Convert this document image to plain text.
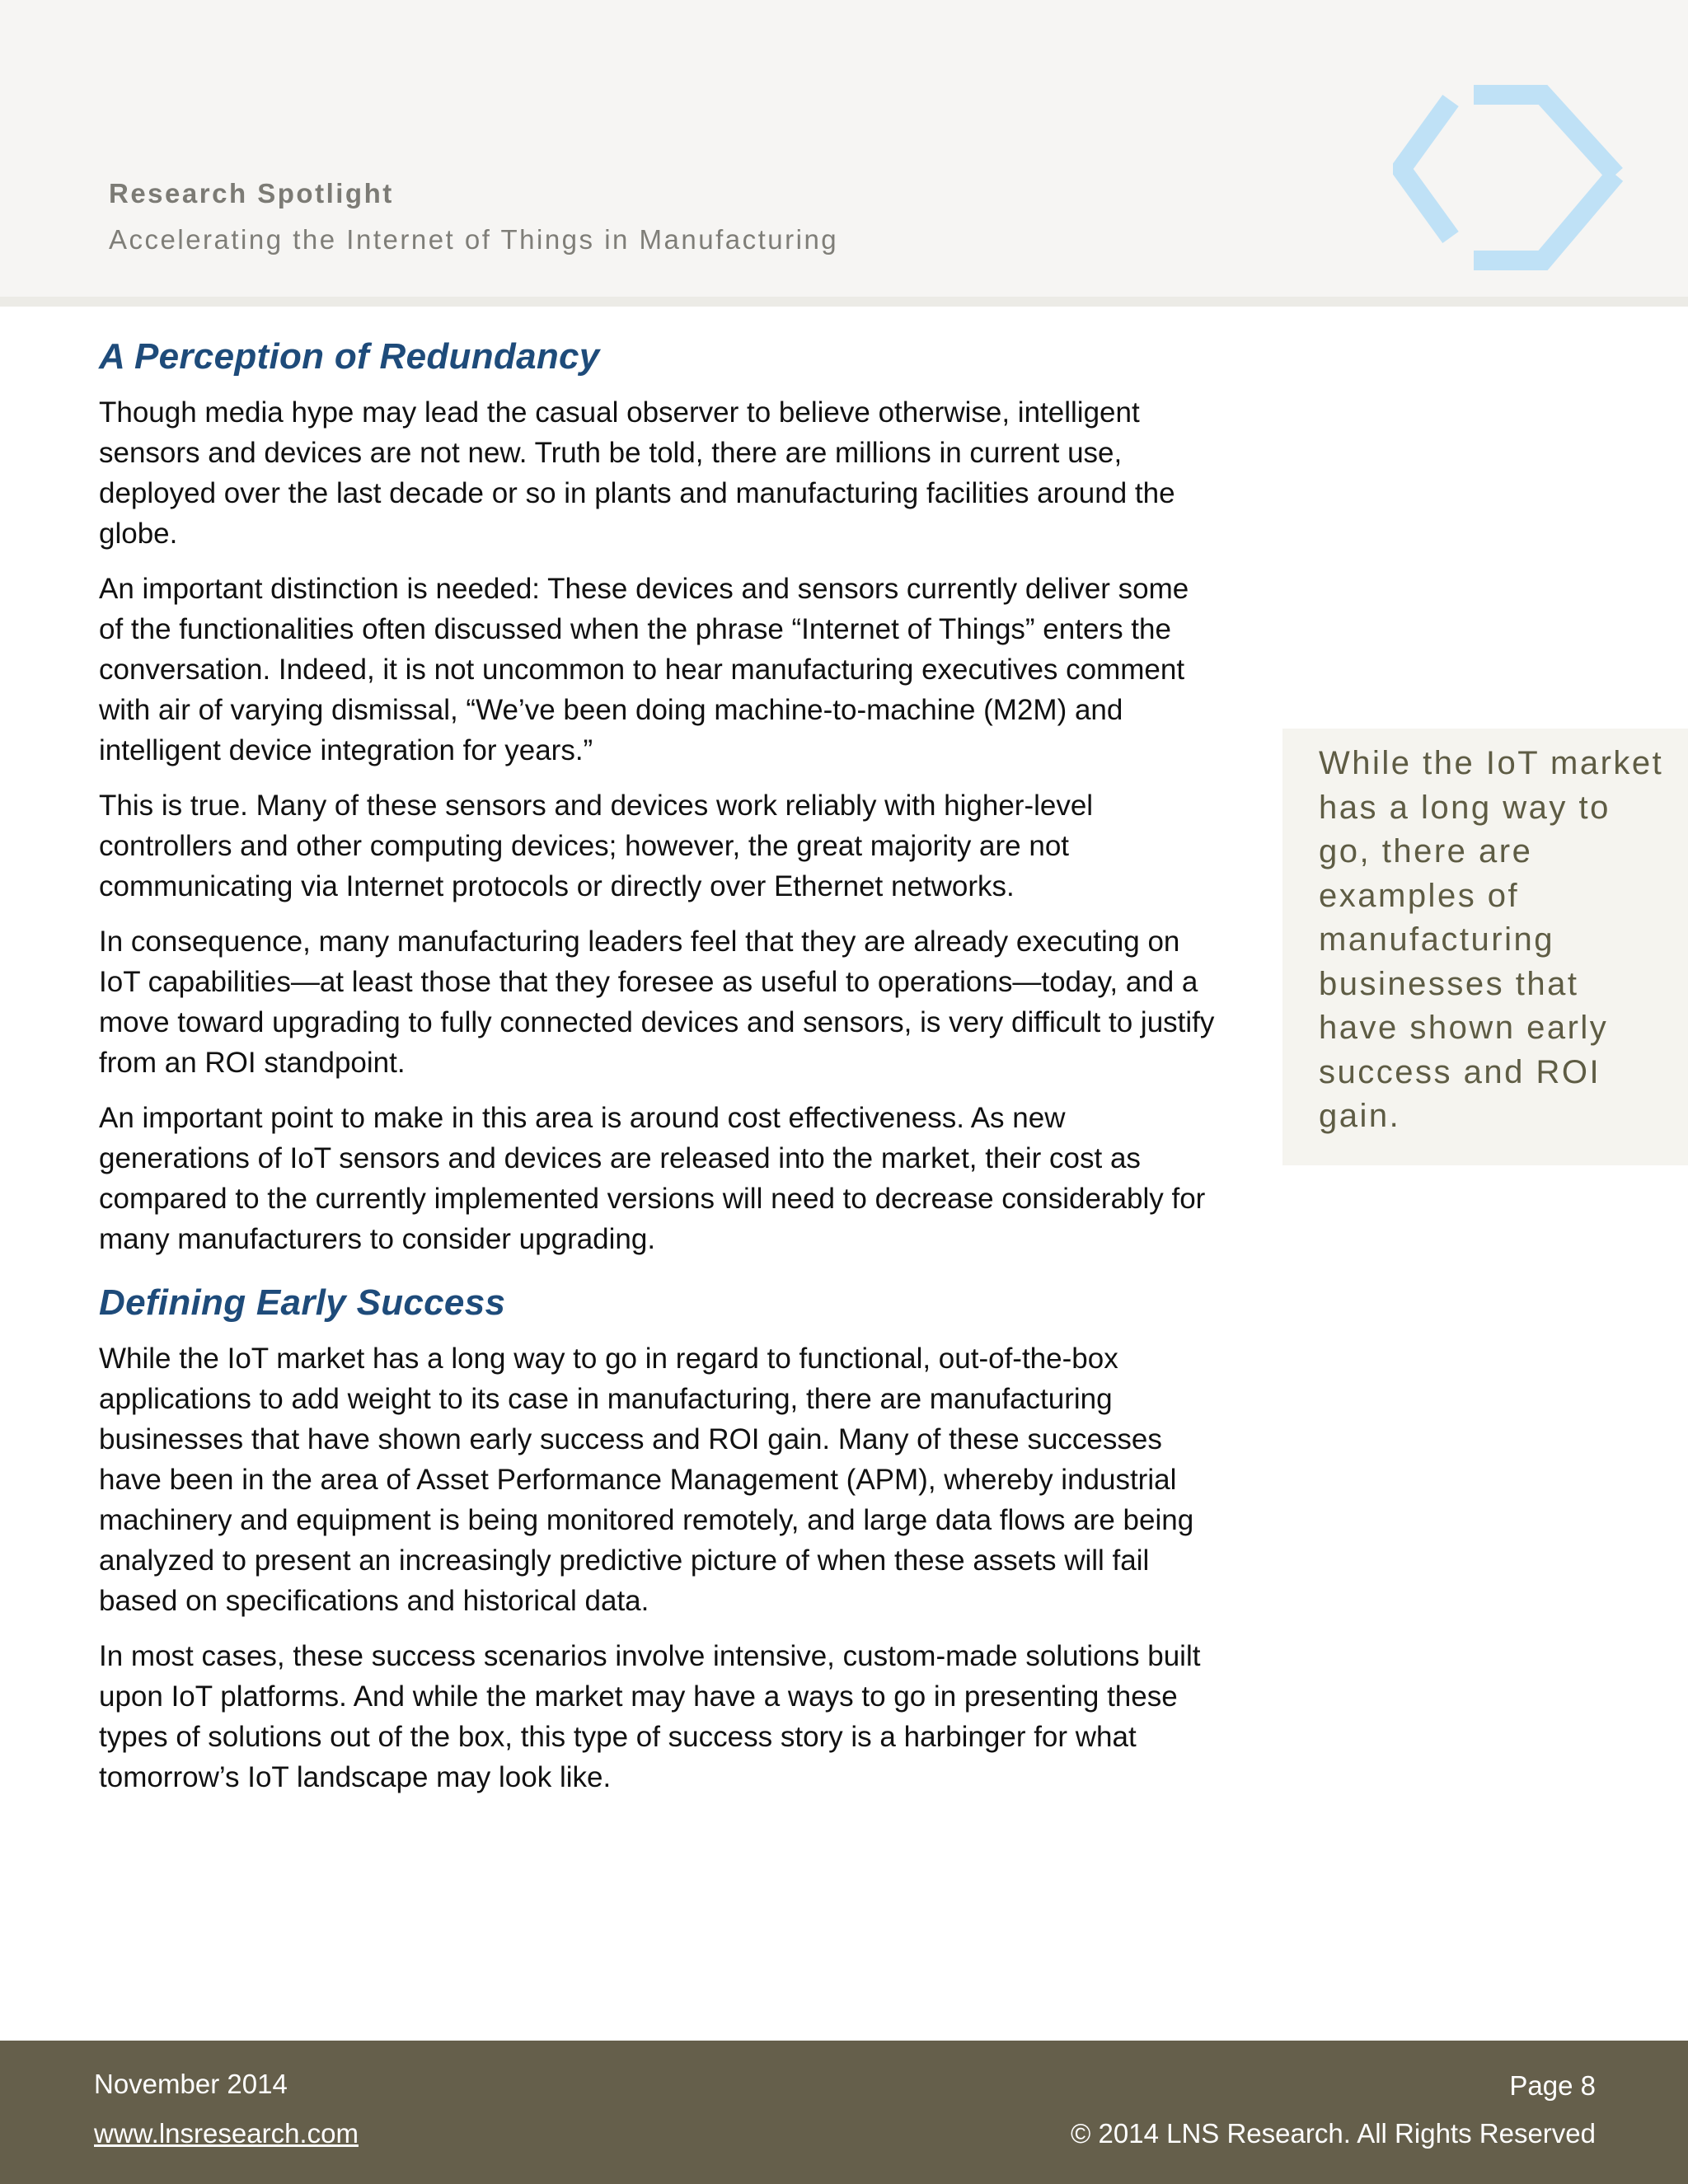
Research Spotlight
Accelerating the Internet of Things in Manufacturing
A Perception of Redundancy

Though media hype may lead the casual observer to believe otherwise, intelligent sensors and devices are not new. Truth be told, there are millions in current use, deployed over the last decade or so in plants and manufacturing facilities around the globe.

An important distinction is needed: These devices and sensors currently deliver some of the functionalities often discussed when the phrase “Internet of Things” enters the conversation. Indeed, it is not uncommon to hear manufacturing executives comment with air of varying dismissal, “We’ve been doing machine-to-machine (M2M) and intelligent device integration for years.”

This is true. Many of these sensors and devices work reliably with higher-level controllers and other computing devices; however, the great majority are not communicating via Internet protocols or directly over Ethernet networks.

In consequence, many manufacturing leaders feel that they are already executing on IoT capabilities—at least those that they foresee as useful to operations—today, and a move toward upgrading to fully connected devices and sensors, is very difficult to justify from an ROI standpoint.

An important point to make in this area is around cost effectiveness. As new generations of IoT sensors and devices are released into the market, their cost as compared to the currently implemented versions will need to decrease considerably for many manufacturers to consider upgrading.

Defining Early Success

While the IoT market has a long way to go in regard to functional, out-of-the-box applications to add weight to its case in manufacturing, there are manufacturing businesses that have shown early success and ROI gain. Many of these successes have been in the area of Asset Performance Management (APM), whereby industrial machinery and equipment is being monitored remotely, and large data flows are being analyzed to present an increasingly predictive picture of when these assets will fail based on specifications and historical data.

In most cases, these success scenarios involve intensive, custom-made solutions built upon IoT platforms. And while the market may have a ways to go in presenting these types of solutions out of the box, this type of success story is a harbinger for what tomorrow’s IoT landscape may look like.

While the IoT market has a long way to go, there are examples of manufacturing businesses that have shown early success and ROI gain.
November 2014
www.lnsresearch.com
Page 8
© 2014 LNS Research. All Rights Reserved
